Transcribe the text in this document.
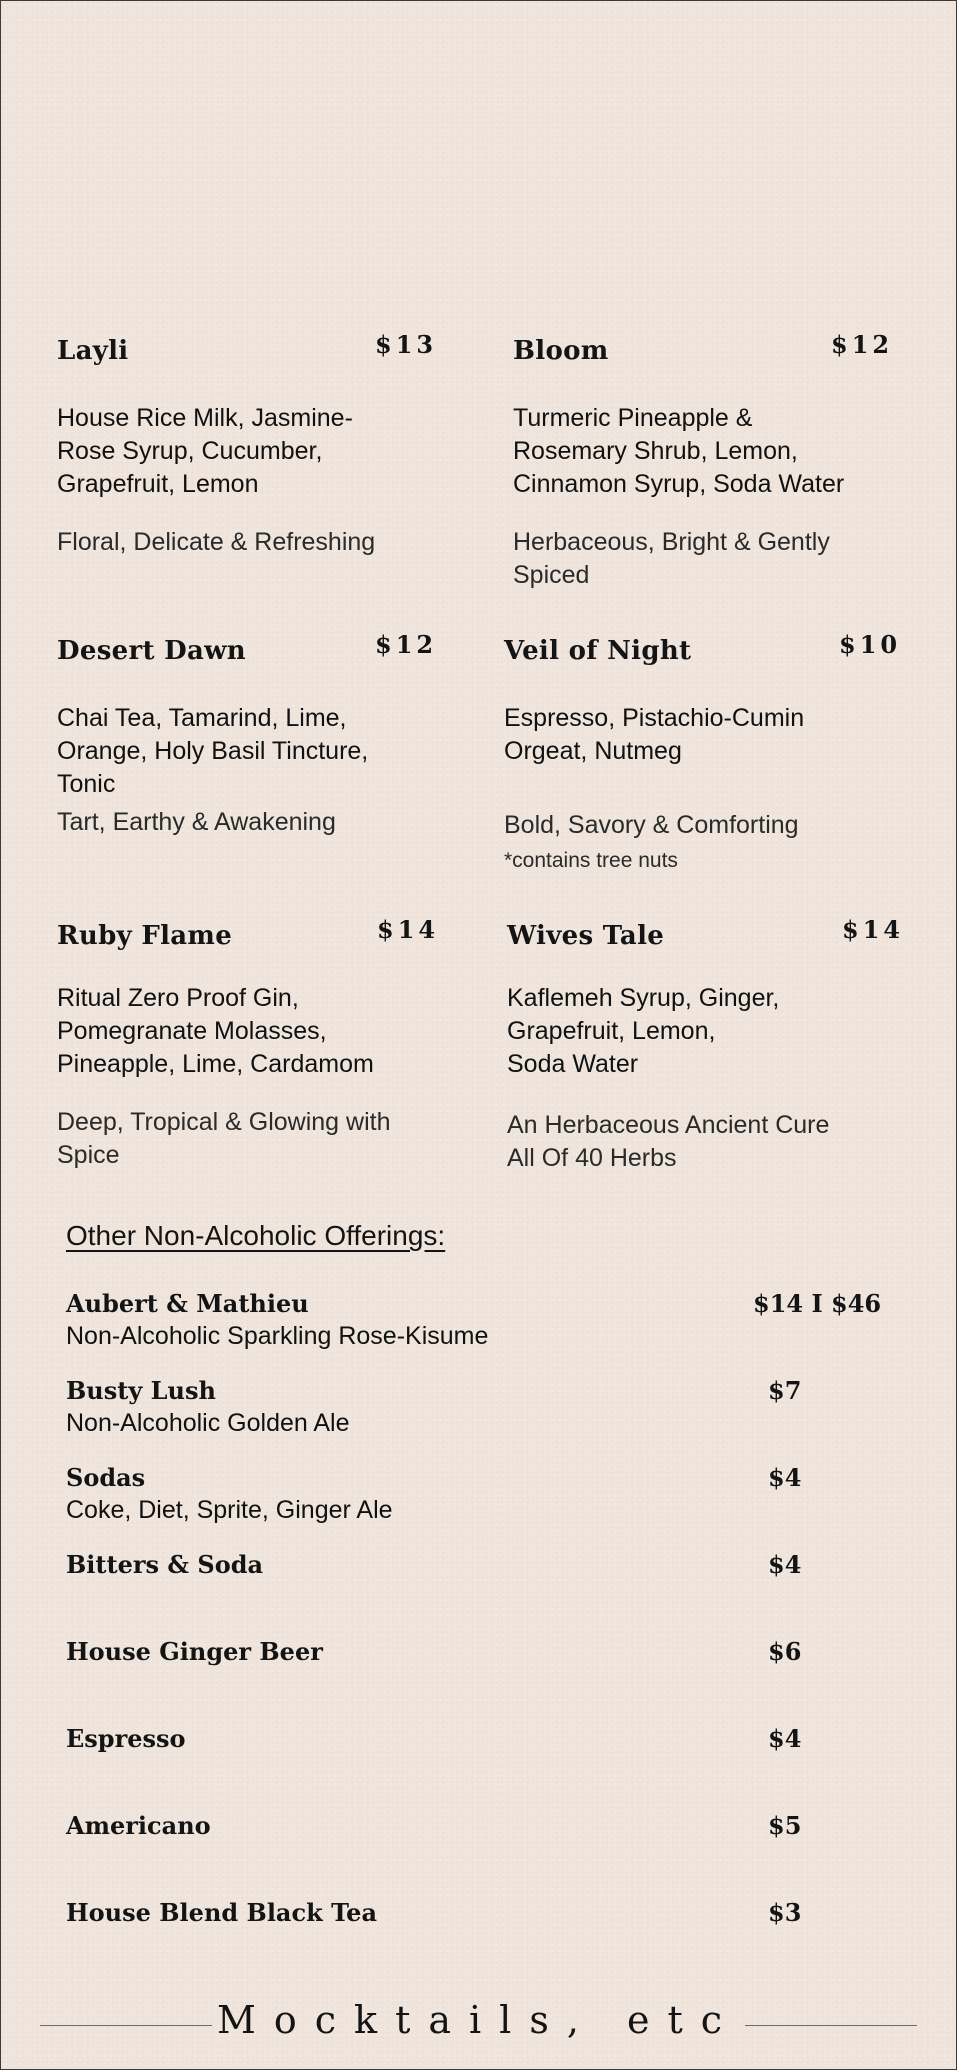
Layli	$13

House Rice Milk, Jasmine-
Rose Syrup, Cucumber,
Grapefruit, Lemon

Floral, Delicate & Refreshing

Bloom	$12

Turmeric Pineapple &
Rosemary Shrub, Lemon,
Cinnamon Syrup, Soda Water

Herbaceous, Bright & Gently
Spiced

Desert Dawn	$12

Chai Tea, Tamarind, Lime,
Orange, Holy Basil Tincture,
Tonic

Tart, Earthy & Awakening

Veil of Night	$10

Espresso, Pistachio-Cumin
Orgeat, Nutmeg

Bold, Savory & Comforting

*contains tree nuts
Ruby Flame	$14

Ritual Zero Proof Gin,
Pomegranate Molasses,
Pineapple, Lime, Cardamom

Deep, Tropical & Glowing with
Spice

Wives Tale	$14

Kaflemeh Syrup, Ginger,
Grapefruit, Lemon,
Soda Water

An Herbaceous Ancient Cure
All Of 40 Herbs

Other Non-Alcoholic Offerings:
Aubert & Mathieu
Non-Alcoholic Sparkling Rose-Kisume
$14 I $46
Busty Lush
Non-Alcoholic Golden Ale
$7
Sodas
Coke, Diet, Sprite, Ginger Ale
$4
Bitters & Soda	$4
House Ginger Beer	$6
Espresso	$4
Americano	$5
House Blend Black Tea	$3
Mocktails, etc
